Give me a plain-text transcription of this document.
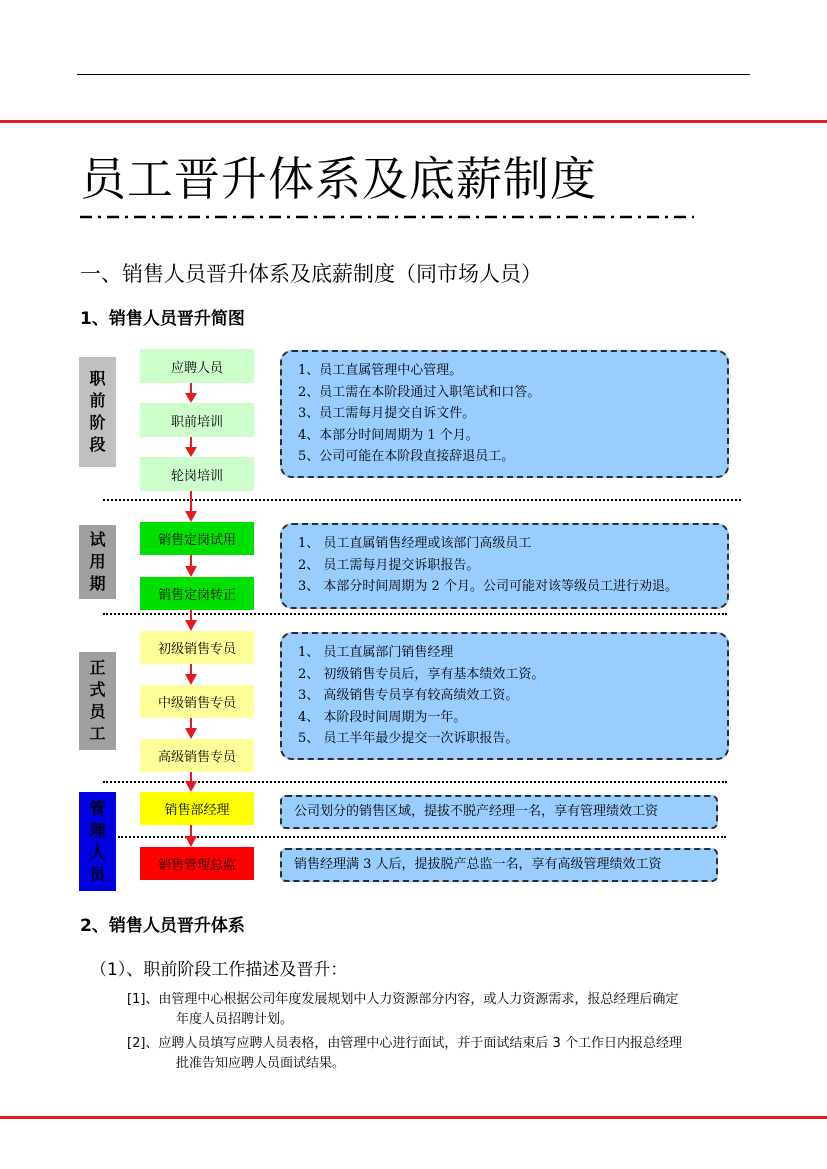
员工晋升体系及底薪制度
一、销售人员晋升体系及底薪制度（同市场人员）
1、销售人员晋升简图
职
前
阶
段
试
用
期
正
式
员
工
管
理
人
员
应聘人员
职前培训
轮岗培训
销售定岗试用
销售定岗转正
初级销售专员
中级销售专员
高级销售专员
销售部经理
销售管理总监
1、员工直属管理中心管理。
2、员工需在本阶段通过入职笔试和口答。
3、员工需每月提交自诉文件。
4、本部分时间周期为 1 个月。
5、公司可能在本阶段直接辞退员工。
1、 员工直属销售经理或该部门高级员工
2、 员工需每月提交诉职报告。
3、 本部分时间周期为 2 个月。公司可能对该等级员工进行劝退。
1、 员工直属部门销售经理
2、 初级销售专员后，享有基本绩效工资。
3、 高级销售专员享有较高绩效工资。
4、 本阶段时间周期为一年。
5、 员工半年最少提交一次诉职报告。
公司划分的销售区域，提拔不脱产经理一名，享有管理绩效工资
销售经理满 3 人后，提拔脱产总监一名，享有高级管理绩效工资
2、销售人员晋升体系
（1）、职前阶段工作描述及晋升：
[1]、由管理中心根据公司年度发展规划中人力资源部分内容，或人力资源需求，报总经理后确定
年度人员招聘计划。
[2]、应聘人员填写应聘人员表格，由管理中心进行面试，并于面试结束后 3 个工作日内报总经理
批准告知应聘人员面试结果。
